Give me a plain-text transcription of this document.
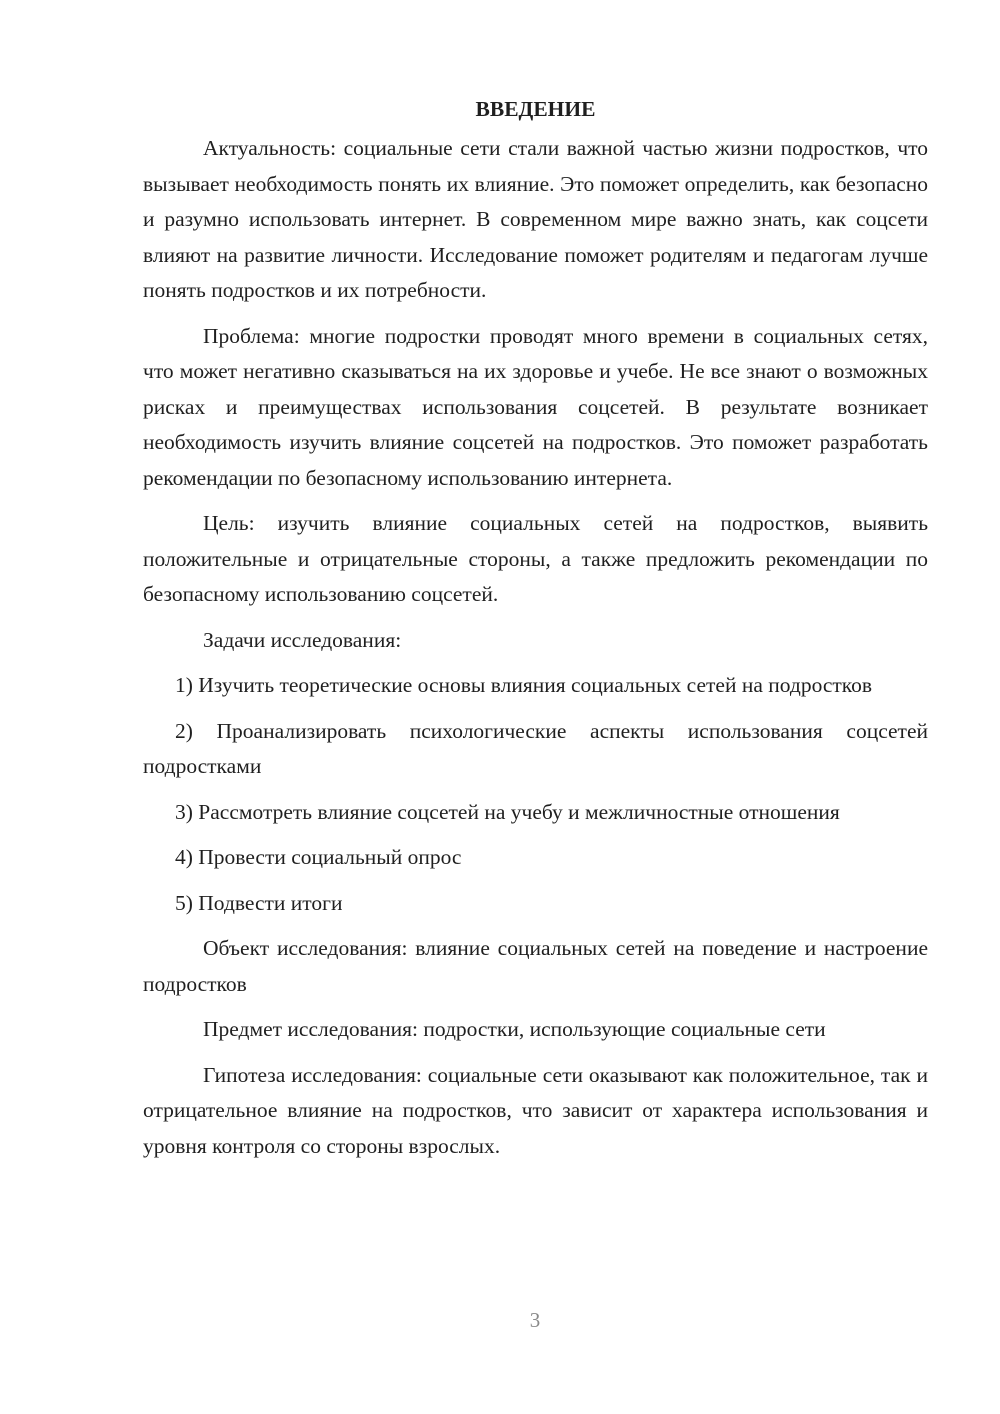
ВВЕДЕНИЕ

Актуальность: социальные сети стали важной частью жизни подростков, что вызывает необходимость понять их влияние. Это поможет определить, как безопасно и разумно использовать интернет. В современном мире важно знать, как соцсети влияют на развитие личности. Исследование поможет родителям и педагогам лучше понять подростков и их потребности.

Проблема: многие подростки проводят много времени в социальных сетях, что может негативно сказываться на их здоровье и учебе. Не все знают о возможных рисках и преимуществах использования соцсетей. В результате возникает необходимость изучить влияние соцсетей на подростков. Это поможет разработать рекомендации по безопасному использованию интернета.

Цель: изучить влияние социальных сетей на подростков, выявить положительные и отрицательные стороны, а также предложить рекомендации по безопасному использованию соцсетей.

Задачи исследования:

1) Изучить теоретические основы влияния социальных сетей на подростков

2) Проанализировать психологические аспекты использования соцсетей подростками

3) Рассмотреть влияние соцсетей на учебу и межличностные отношения

4) Провести социальный опрос

5) Подвести итоги

Объект исследования: влияние социальных сетей на поведение и настроение подростков

Предмет исследования: подростки, использующие социальные сети

Гипотеза исследования: социальные сети оказывают как положительное, так и отрицательное влияние на подростков, что зависит от характера использования и уровня контроля со стороны взрослых.

3
